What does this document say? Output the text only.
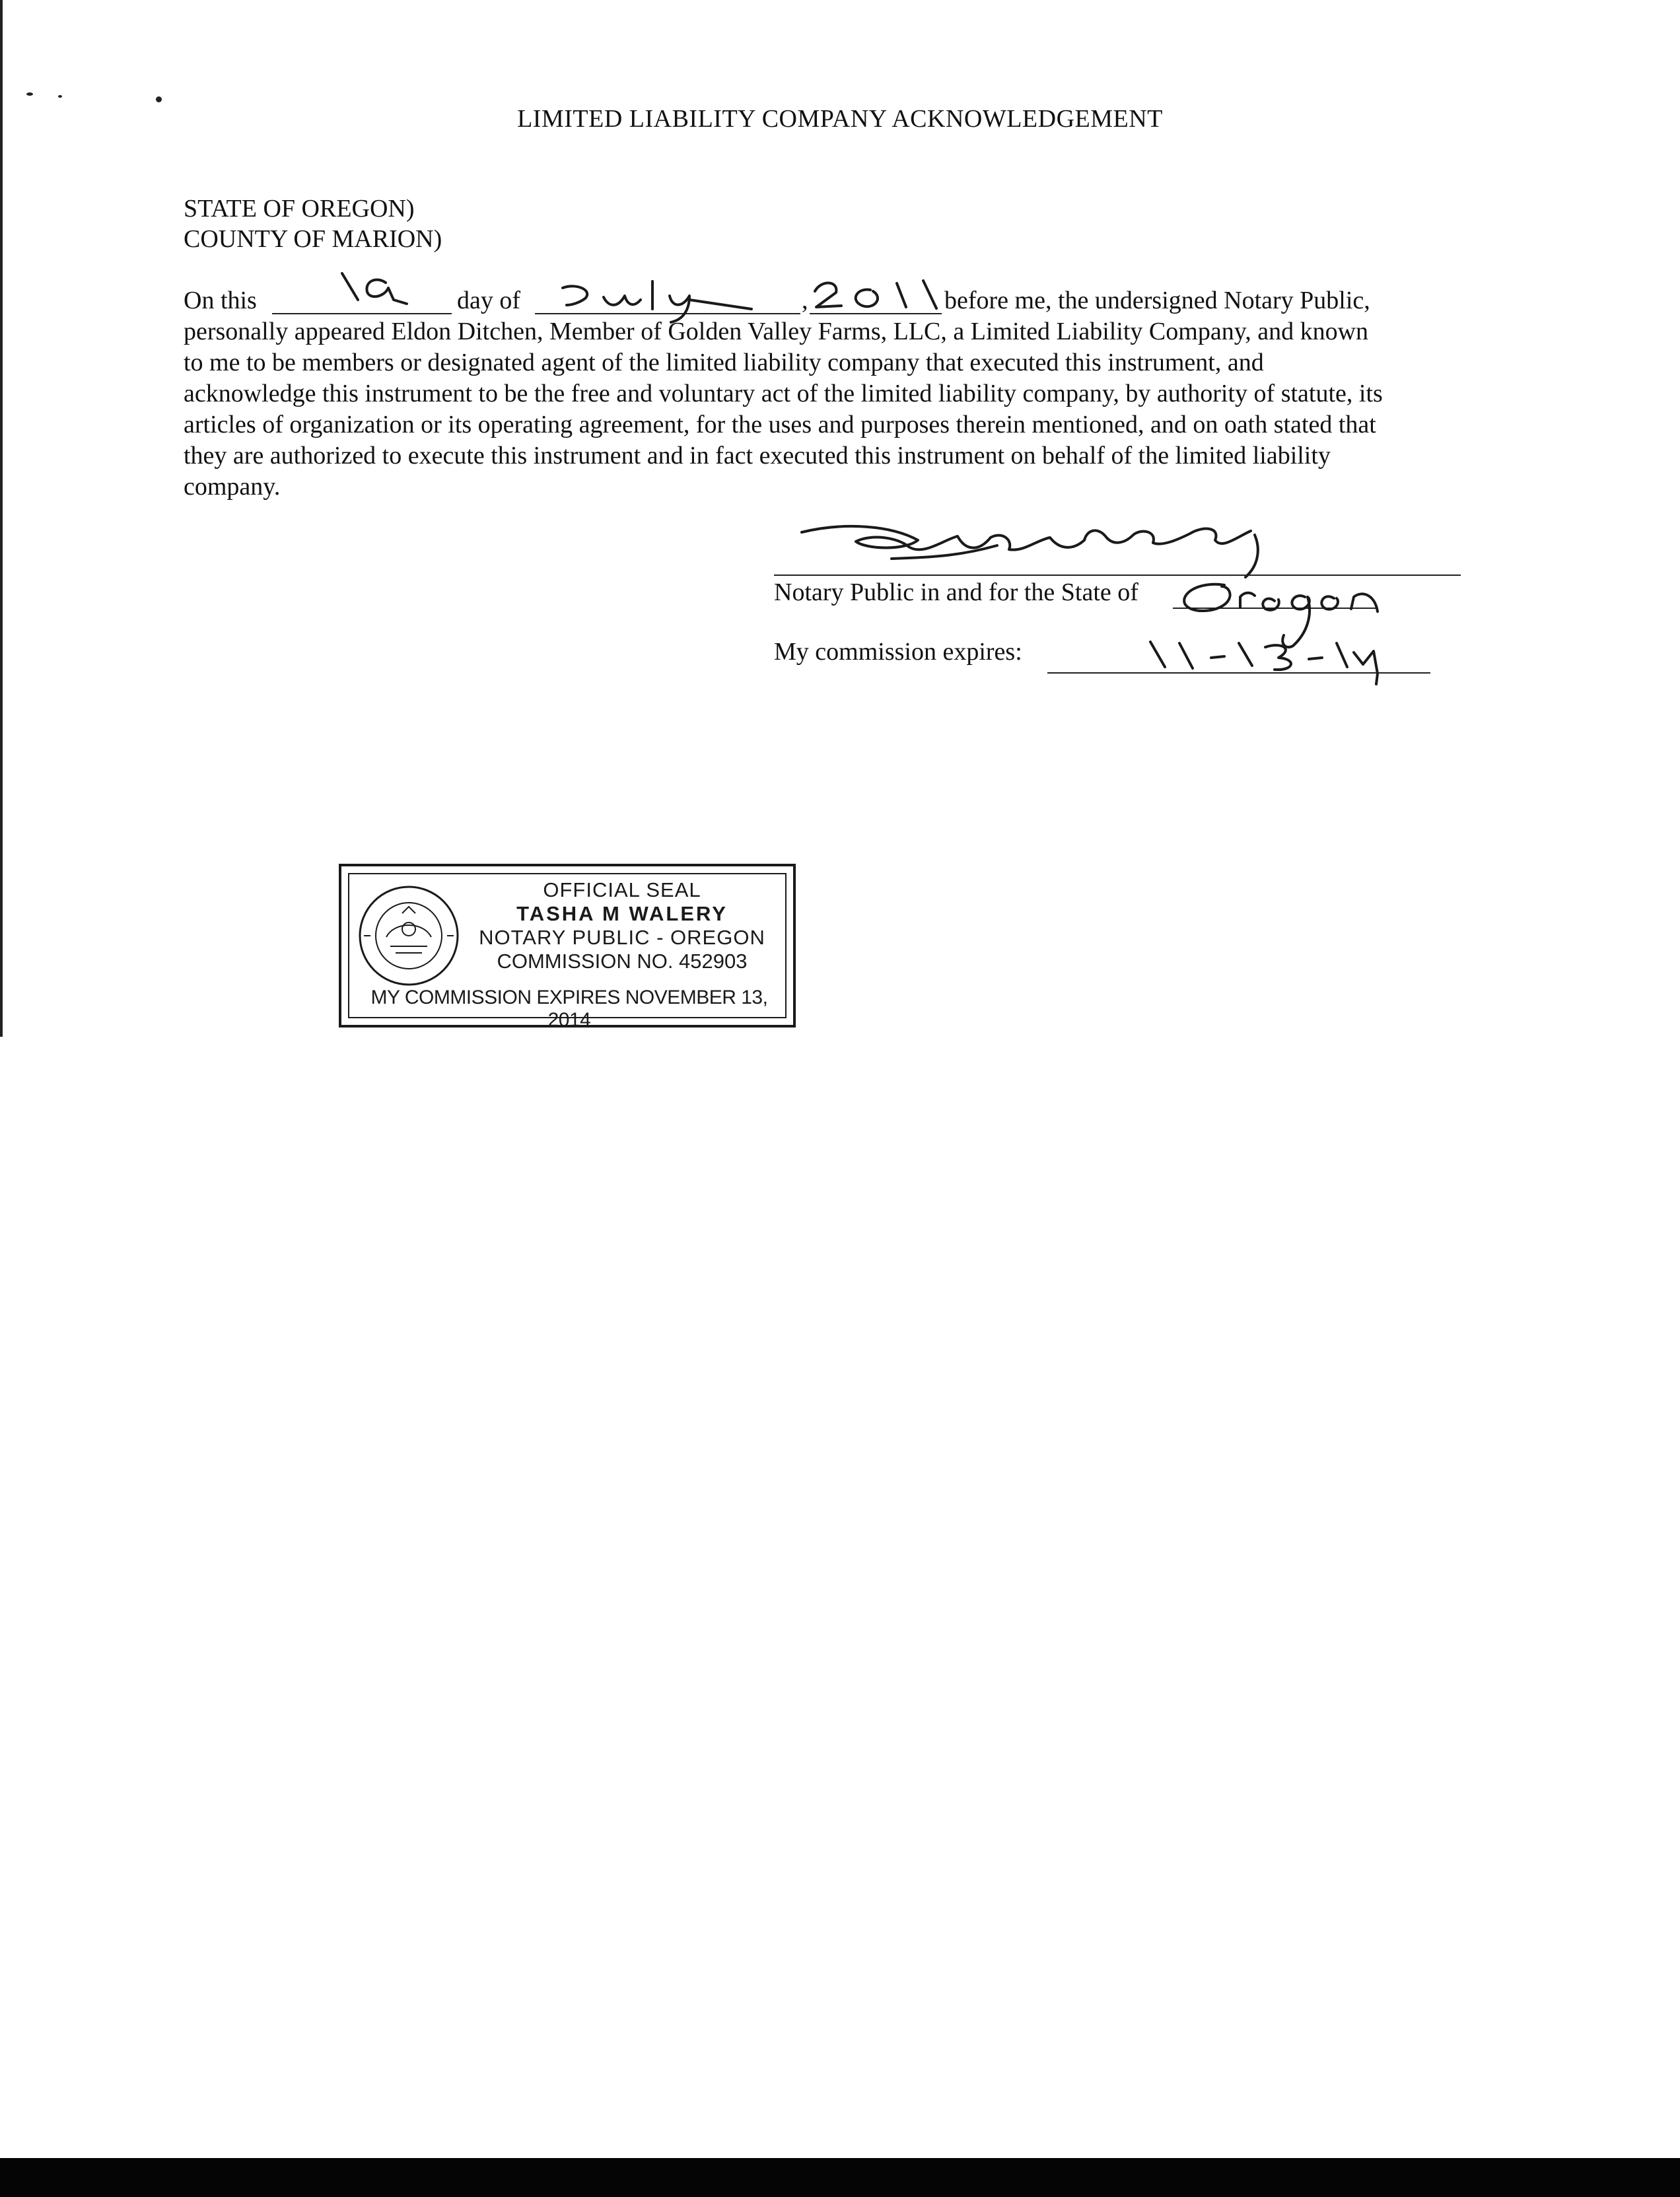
LIMITED LIABILITY COMPANY ACKNOWLEDGEMENT
STATE OF OREGON)
COUNTY OF MARION)
On this	day of	,	before me, the undersigned Notary Public,
personally appeared Eldon Ditchen, Member of Golden Valley Farms, LLC, a Limited Liability Company, and known
to me to be members or designated agent of the limited liability company that executed this instrument, and
acknowledge this instrument to be the free and voluntary act of the limited liability company, by authority of statute, its
articles of organization or its operating agreement, for the uses and purposes therein mentioned, and on oath stated that
they are authorized to execute this instrument and in fact executed this instrument on behalf of the limited liability
company.
Notary Public in and for the State of
My commission expires:
OFFICIAL SEAL
TASHA M WALERY
NOTARY PUBLIC - OREGON
COMMISSION NO. 452903
MY COMMISSION EXPIRES NOVEMBER 13, 2014
